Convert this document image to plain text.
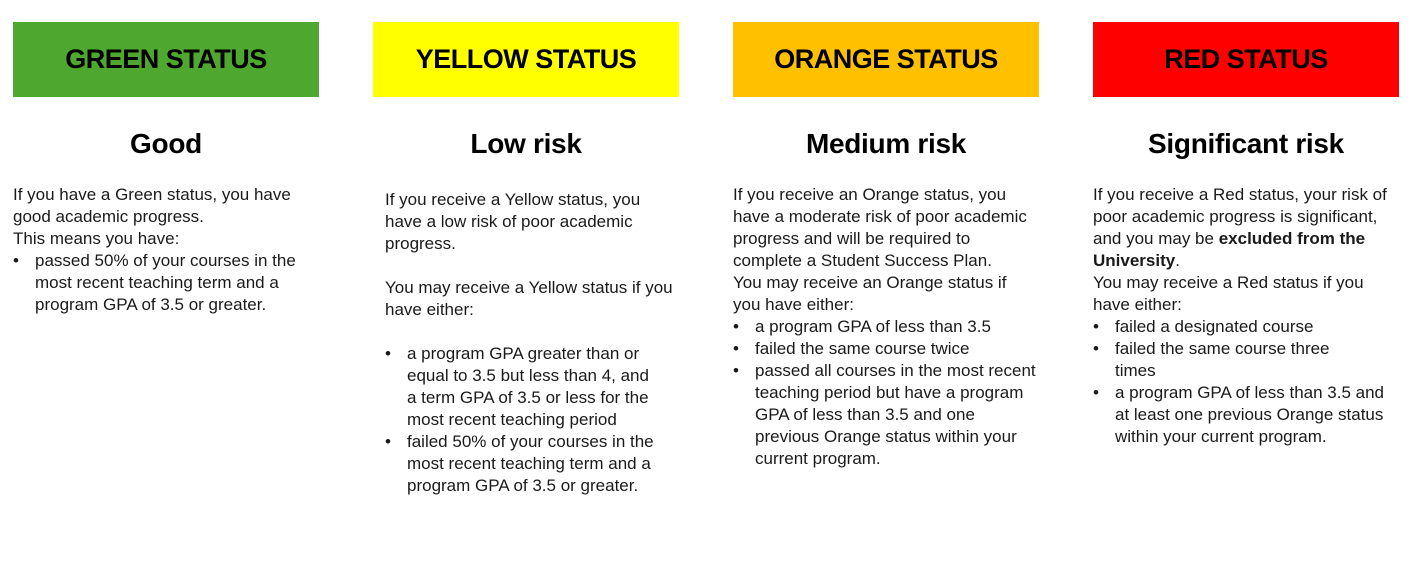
GREEN STATUS
Good

If you have a Green status, you have good academic progress.

This means you have:

• passed 50% of your courses in the most recent teaching term and a program GPA of 3.5 or greater.
YELLOW STATUS
Low risk

If you receive a Yellow status, you have a low risk of poor academic progress.

You may receive a Yellow status if you have either:

• a program GPA greater than or equal to 3.5 but less than 4, and a term GPA of 3.5 or less for the most recent teaching period
• failed 50% of your courses in the most recent teaching term and a program GPA of 3.5 or greater.
ORANGE STATUS
Medium risk

If you receive an Orange status, you have a moderate risk of poor academic progress and will be required to complete a Student Success Plan.

You may receive an Orange status if you have either:

• a program GPA of less than 3.5
• failed the same course twice
• passed all courses in the most recent teaching period but have a program GPA of less than 3.5 and one previous Orange status within your current program.
RED STATUS
Significant risk

If you receive a Red status, your risk of poor academic progress is significant, and you may be excluded from the University.

You may receive a Red status if you have either:

• failed a designated course
• failed the same course three times
• a program GPA of less than 3.5 and at least one previous Orange status within your current program.
